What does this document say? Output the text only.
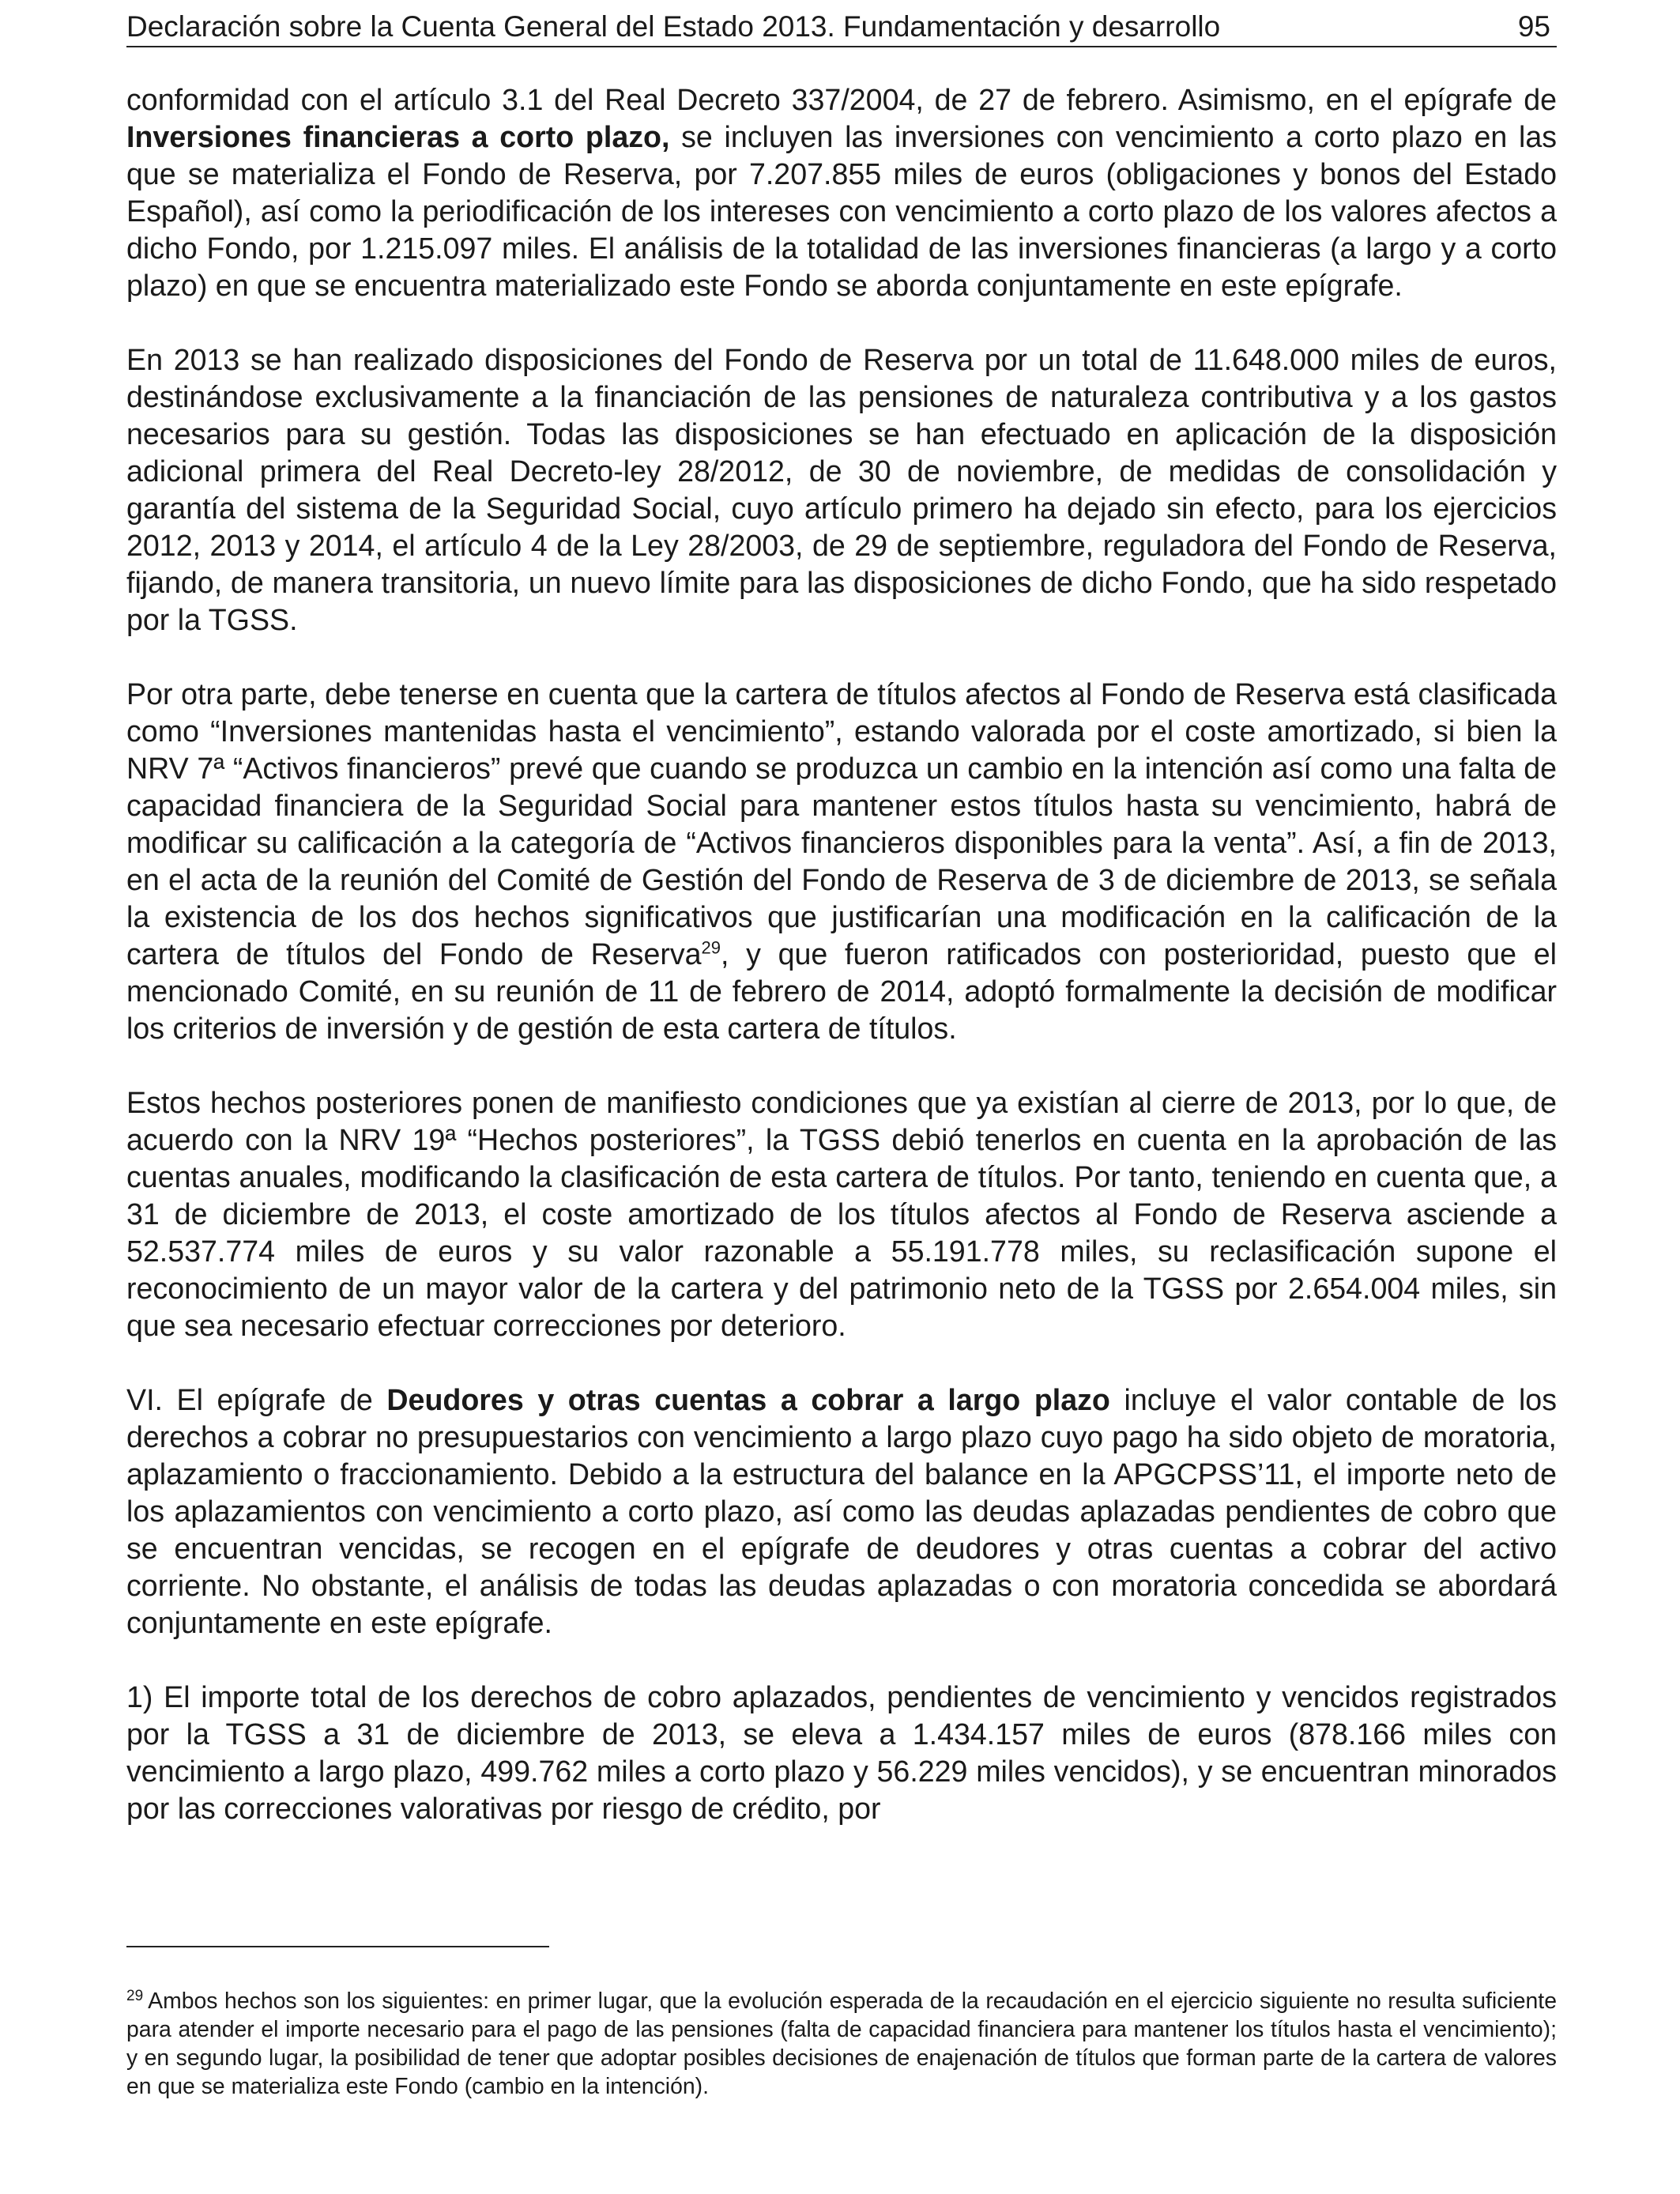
Declaración sobre la Cuenta General del Estado 2013. Fundamentación y desarrollo	95

conformidad con el artículo 3.1 del Real Decreto 337/2004, de 27 de febrero. Asimismo, en el epígrafe de Inversiones financieras a corto plazo, se incluyen las inversiones con vencimiento a corto plazo en las que se materializa el Fondo de Reserva, por 7.207.855 miles de euros (obligaciones y bonos del Estado Español), así como la periodificación de los intereses con vencimiento a corto plazo de los valores afectos a dicho Fondo, por 1.215.097 miles. El análisis de la totalidad de las inversiones financieras (a largo y a corto plazo) en que se encuentra materializado este Fondo se aborda conjuntamente en este epígrafe.

En 2013 se han realizado disposiciones del Fondo de Reserva por un total de 11.648.000 miles de euros, destinándose exclusivamente a la financiación de las pensiones de naturaleza contributiva y a los gastos necesarios para su gestión. Todas las disposiciones se han efectuado en aplicación de la disposición adicional primera del Real Decreto-ley 28/2012, de 30 de noviembre, de medidas de consolidación y garantía del sistema de la Seguridad Social, cuyo artículo primero ha dejado sin efecto, para los ejercicios 2012, 2013 y 2014, el artículo 4 de la Ley 28/2003, de 29 de septiembre, reguladora del Fondo de Reserva, fijando, de manera transitoria, un nuevo límite para las disposiciones de dicho Fondo, que ha sido respetado por la TGSS.

Por otra parte, debe tenerse en cuenta que la cartera de títulos afectos al Fondo de Reserva está clasificada como “Inversiones mantenidas hasta el vencimiento”, estando valorada por el coste amortizado, si bien la NRV 7ª “Activos financieros” prevé que cuando se produzca un cambio en la intención así como una falta de capacidad financiera de la Seguridad Social para mantener estos títulos hasta su vencimiento, habrá de modificar su calificación a la categoría de “Activos financieros disponibles para la venta”. Así, a fin de 2013, en el acta de la reunión del Comité de Gestión del Fondo de Reserva de 3 de diciembre de 2013, se señala la existencia de los dos hechos significativos que justificarían una modificación en la calificación de la cartera de títulos del Fondo de Reserva$^{29}$, y que fueron ratificados con posterioridad, puesto que el mencionado Comité, en su reunión de 11 de febrero de 2014, adoptó formalmente la decisión de modificar los criterios de inversión y de gestión de esta cartera de títulos.

Estos hechos posteriores ponen de manifiesto condiciones que ya existían al cierre de 2013, por lo que, de acuerdo con la NRV 19ª “Hechos posteriores”, la TGSS debió tenerlos en cuenta en la aprobación de las cuentas anuales, modificando la clasificación de esta cartera de títulos. Por tanto, teniendo en cuenta que, a 31 de diciembre de 2013, el coste amortizado de los títulos afectos al Fondo de Reserva asciende a 52.537.774 miles de euros y su valor razonable a 55.191.778 miles, su reclasificación supone el reconocimiento de un mayor valor de la cartera y del patrimonio neto de la TGSS por 2.654.004 miles, sin que sea necesario efectuar correcciones por deterioro.

VI. El epígrafe de Deudores y otras cuentas a cobrar a largo plazo incluye el valor contable de los derechos a cobrar no presupuestarios con vencimiento a largo plazo cuyo pago ha sido objeto de moratoria, aplazamiento o fraccionamiento. Debido a la estructura del balance en la APGCPSS’11, el importe neto de los aplazamientos con vencimiento a corto plazo, así como las deudas aplazadas pendientes de cobro que se encuentran vencidas, se recogen en el epígrafe de deudores y otras cuentas a cobrar del activo corriente. No obstante, el análisis de todas las deudas aplazadas o con moratoria concedida se abordará conjuntamente en este epígrafe.

1) El importe total de los derechos de cobro aplazados, pendientes de vencimiento y vencidos registrados por la TGSS a 31 de diciembre de 2013, se eleva a 1.434.157 miles de euros (878.166 miles con vencimiento a largo plazo, 499.762 miles a corto plazo y 56.229 miles vencidos), y se encuentran minorados por las correcciones valorativas por riesgo de crédito, por

$^{29}$ Ambos hechos son los siguientes: en primer lugar, que la evolución esperada de la recaudación en el ejercicio siguiente no resulta suficiente para atender el importe necesario para el pago de las pensiones (falta de capacidad financiera para mantener los títulos hasta el vencimiento); y en segundo lugar, la posibilidad de tener que adoptar posibles decisiones de enajenación de títulos que forman parte de la cartera de valores en que se materializa este Fondo (cambio en la intención).
